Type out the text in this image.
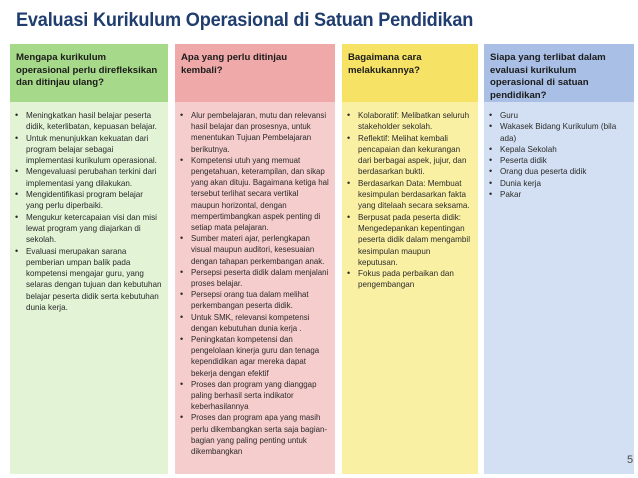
Evaluasi Kurikulum Operasional di Satuan Pendidikan
Mengapa kurikulum operasional perlu direfleksikan dan ditinjau ulang?
• Meningkatkan hasil belajar peserta didik, keterlibatan, kepuasan belajar.
• Untuk menunjukkan kekuatan dari program belajar sebagai implementasi kurikulum operasional.
• Mengevaluasi perubahan terkini dari implementasi yang dilakukan.
• Mengidentifikasi program belajar yang perlu diperbaiki.
• Mengukur ketercapaian visi dan misi lewat program yang diajarkan di sekolah.
• Evaluasi merupakan sarana pemberian umpan balik pada kompetensi mengajar guru, yang selaras dengan tujuan dan kebutuhan belajar peserta didik serta kebutuhan dunia kerja.
Apa yang perlu ditinjau kembali?
• Alur pembelajaran, mutu dan relevansi hasil belajar dan prosesnya, untuk menentukan Tujuan Pembelajaran berikutnya.
• Kompetensi utuh yang memuat pengetahuan, keterampilan, dan sikap yang akan dituju. Bagaimana ketiga hal tersebut terlihat secara vertikal maupun horizontal, dengan mempertimbangkan aspek penting di setiap mata pelajaran.
• Sumber materi ajar, perlengkapan visual maupun auditori, kesesuaian dengan tahapan perkembangan anak.
• Persepsi peserta didik dalam menjalani proses belajar.
• Persepsi orang tua dalam melihat perkembangan peserta didik.
• Untuk SMK, relevansi kompetensi dengan kebutuhan dunia kerja .
• Peningkatan kompetensi dan pengelolaan kinerja guru dan tenaga kependidikan agar mereka dapat bekerja dengan efektif
• Proses dan program yang dianggap paling berhasil serta indikator keberhasilannya
• Proses dan program apa yang masih perlu dikembangkan serta saja bagian-bagian yang paling penting untuk dikembangkan
Bagaimana cara melakukannya?
• Kolaboratif: Melibatkan seluruh stakeholder sekolah.
• Reflektif: Melihat kembali pencapaian dan kekurangan dari berbagai aspek, jujur, dan berdasarkan bukti.
• Berdasarkan Data: Membuat kesimpulan berdasarkan fakta yang ditelaah secara seksama.
• Berpusat pada peserta didik: Mengedepankan kepentingan peserta didik dalam mengambil kesimpulan maupun keputusan.
• Fokus pada perbaikan dan pengembangan
Siapa yang terlibat dalam evaluasi kurikulum operasional di satuan pendidikan?
• Guru
• Wakasek Bidang Kurikulum (bila ada)
• Kepala Sekolah
• Peserta didik
• Orang dua peserta didik
• Dunia kerja
• Pakar
5
